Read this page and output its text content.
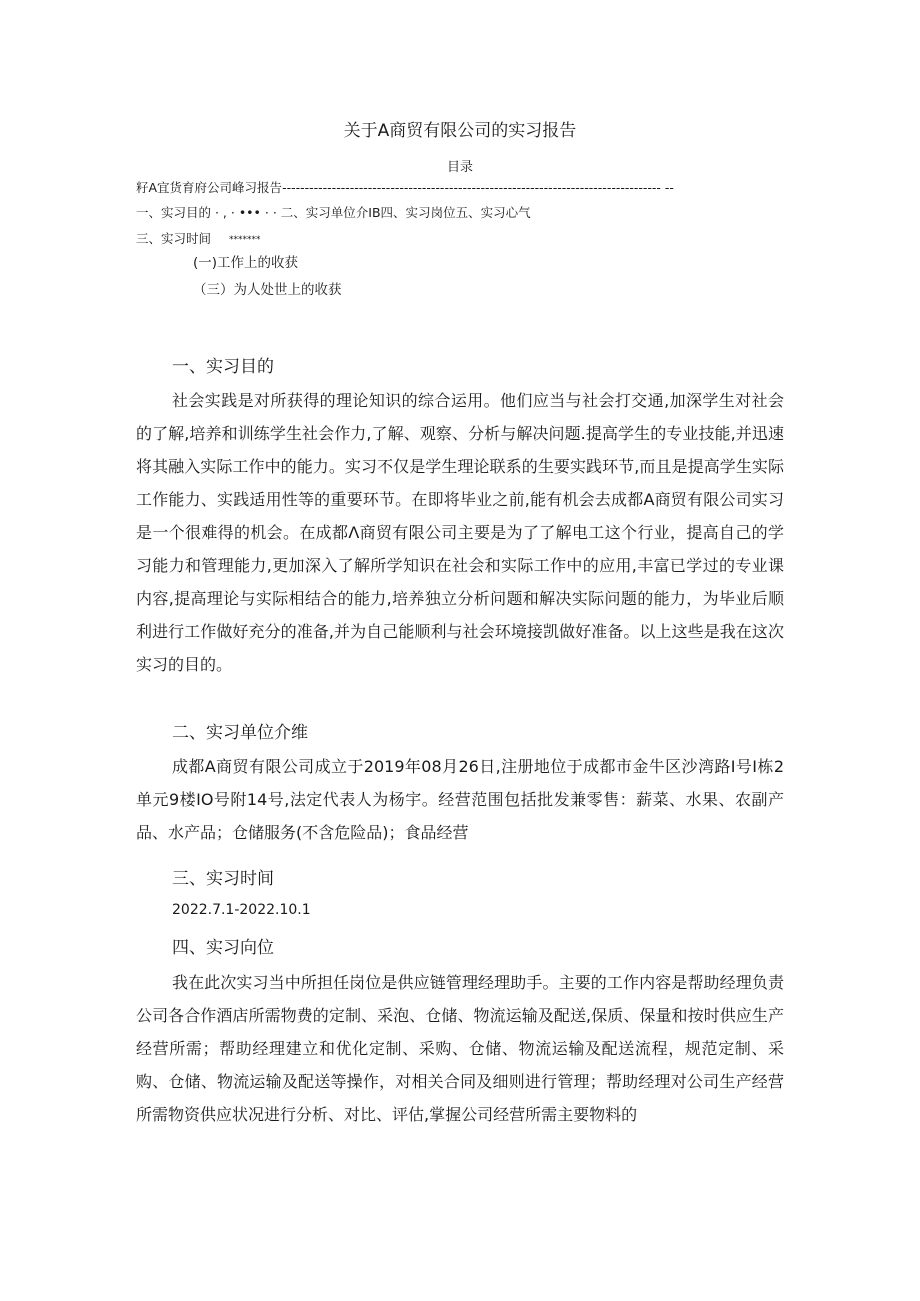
关于A商贸有限公司的实习报告
目录
籽A宜货育府公司峰习报告------------------------------------------------------------------------------------ --
一、实习目的 · , · ••• · · 二、实习单位介IB四、实习岗位五、实习心气
三、实习时间 *******
(一)工作上的收获
（三）为人处世上的收获
一、实习目的

社会实践是对所获得的理论知识的综合运用。他们应当与社会打交通,加深学生对社会的了解,培养和训练学生社会作力,了解、观察、分析与解决问题.提高学生的专业技能,并迅速将其融入实际工作中的能力。实习不仅是学生理论联系的生要实践环节,而且是提高学生实际工作能力、实践适用性等的重要环节。在即将毕业之前,能有机会去成都A商贸有限公司实习是一个很难得的机会。在成都Λ商贸有限公司主要是为了了解电工这个行业，提高自己的学习能力和管理能力,更加深入了解所学知识在社会和实际工作中的应用,丰富已学过的专业课内容,提高理论与实际相结合的能力,培养独立分析问题和解决实际问题的能力，为毕业后顺利进行工作做好充分的准备,并为自己能顺利与社会环境接凯做好准备。以上这些是我在这次实习的目的。

二、实习单位介维

成都A商贸有限公司成立于2019年08月26日,注册地位于成都市金牛区沙湾路I号I栋2单元9楼IO号附14号,法定代表人为杨宇。经营范围包括批发兼零售：薪菜、水果、农副产品、水产品；仓储服务(不含危险品)；食品经营

三、实习时间
2022.7.1-2022.10.1
四、实习向位

我在此次实习当中所担任岗位是供应链管理经理助手。主要的工作内容是帮助经理负责公司各合作酒店所需物费的定制、采泡、仓储、物流运输及配送,保质、保量和按时供应生产经营所需；帮助经理建立和优化定制、采购、仓储、物流运输及配送流程，规范定制、采购、仓储、物流运输及配送等操作，对相关合同及细则进行管理；帮助经理对公司生产经营所需物资供应状况进行分析、对比、评估,掌握公司经营所需主要物料的
